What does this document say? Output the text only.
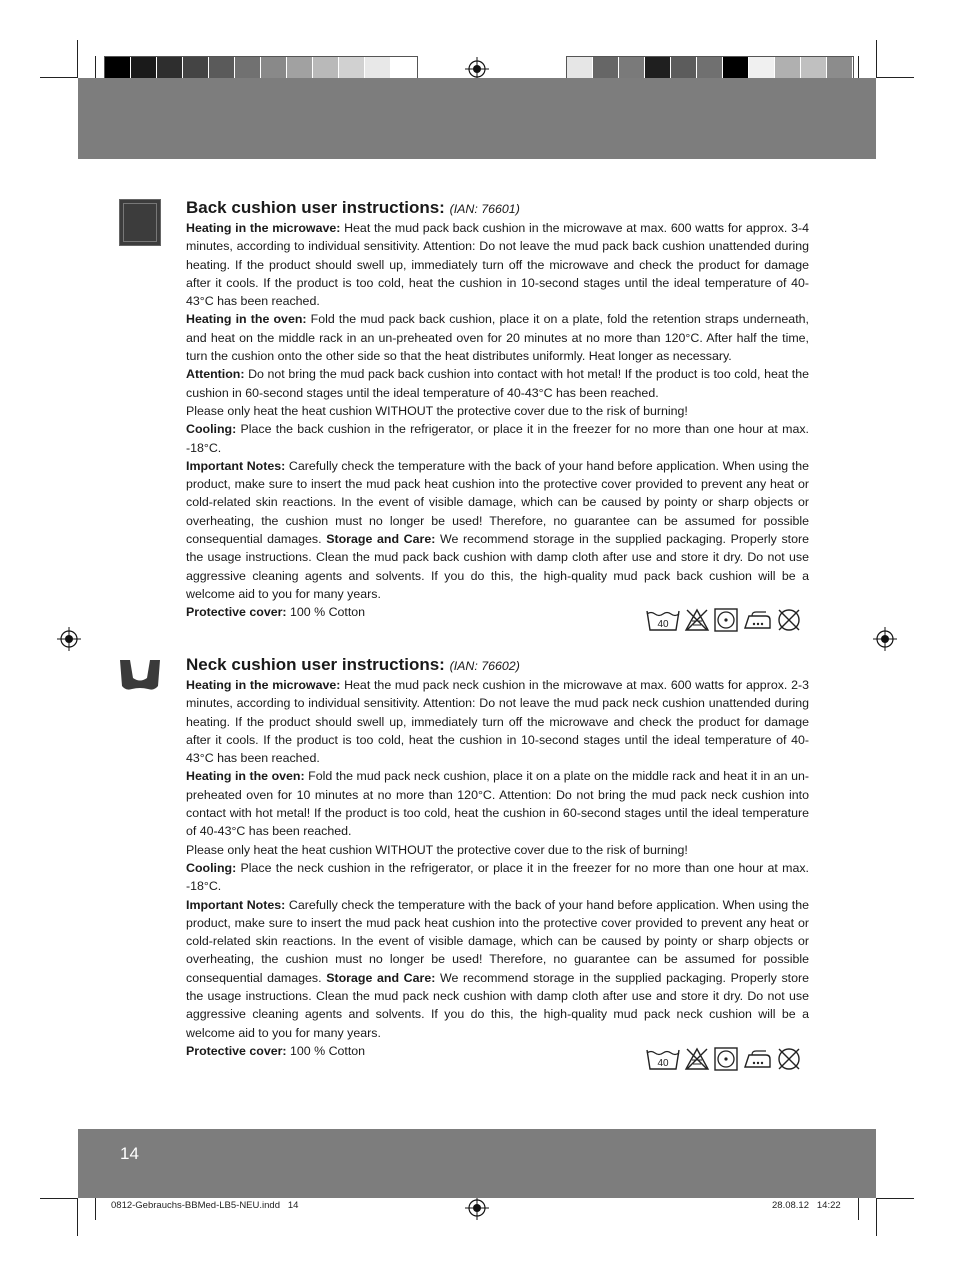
Back cushion user instructions: (IAN: 76601)

Heating in the microwave: Heat the mud pack back cushion in the microwave at max. 600 watts for approx. 3-4 minutes, according to individual sensitivity. Attention: Do not leave the mud pack back cushion unattended during heating. If the product should swell up, immediately turn off the microwave and check the product for damage after it cools. If the product is too cold, heat the cushion in 10-second stages until the ideal temperature of 40-43°C has been reached.

Heating in the oven: Fold the mud pack back cushion, place it on a plate, fold the retention straps underneath, and heat on the middle rack in an un-preheated oven for 20 minutes at no more than 120°C. After half the time, turn the cushion onto the other side so that the heat distributes uniformly. Heat longer as necessary.

Attention: Do not bring the mud pack back cushion into contact with hot metal! If the product is too cold, heat the cushion in 60-second stages until the ideal temperature of 40-43°C has been reached.

Please only heat the heat cushion WITHOUT the protective cover due to the risk of burning!

Cooling: Place the back cushion in the refrigerator, or place it in the freezer for no more than one hour at max. -18°C.

Important Notes: Carefully check the temperature with the back of your hand before application. When using the product, make sure to insert the mud pack heat cushion into the protective cover provided to prevent any heat or cold-related skin reactions. In the event of visible damage, which can be caused by pointy or sharp objects or overheating, the cushion must no longer be used! Therefore, no guarantee can be assumed for possible consequential damages. Storage and Care: We recommend storage in the supplied packaging. Properly store the usage instructions. Clean the mud pack back cushion with damp cloth after use and store it dry. Do not use aggressive cleaning agents and solvents. If you do this, the high-quality mud pack back cushion will be a welcome aid to you for many years.

Protective cover: 100 % Cotton

40

Neck cushion user instructions: (IAN: 76602)

Heating in the microwave: Heat the mud pack neck cushion in the microwave at max. 600 watts for approx. 2-3 minutes, according to individual sensitivity. Attention: Do not leave the mud pack neck cushion unattended during heating. If the product should swell up, immediately turn off the microwave and check the product for damage after it cools. If the product is too cold, heat the cushion in 10-second stages until the ideal temperature of 40-43°C has been reached.

Heating in the oven: Fold the mud pack neck cushion, place it on a plate on the middle rack and heat it in an un-preheated oven for 10 minutes at no more than 120°C. Attention: Do not bring the mud pack neck cushion into contact with hot metal! If the product is too cold, heat the cushion in 60-second stages until the ideal temperature of 40-43°C has been reached.

Please only heat the heat cushion WITHOUT the protective cover due to the risk of burning!

Cooling: Place the neck cushion in the refrigerator, or place it in the freezer for no more than one hour at max. -18°C.

Important Notes: Carefully check the temperature with the back of your hand before application. When using the product, make sure to insert the mud pack heat cushion into the protective cover provided to prevent any heat or cold-related skin reactions. In the event of visible damage, which can be caused by pointy or sharp objects or overheating, the cushion must no longer be used! Therefore, no guarantee can be assumed for possible consequential damages. Storage and Care: We recommend storage in the supplied packaging. Properly store the usage instructions. Clean the mud pack neck cushion with damp cloth after use and store it dry. Do not use aggressive cleaning agents and solvents. If you do this, the high-quality mud pack neck cushion will be a welcome aid to you for many years.

Protective cover: 100 % Cotton

40
14
0812-Gebrauchs-BBMed-LB5-NEU.indd   14	28.08.12   14:22
